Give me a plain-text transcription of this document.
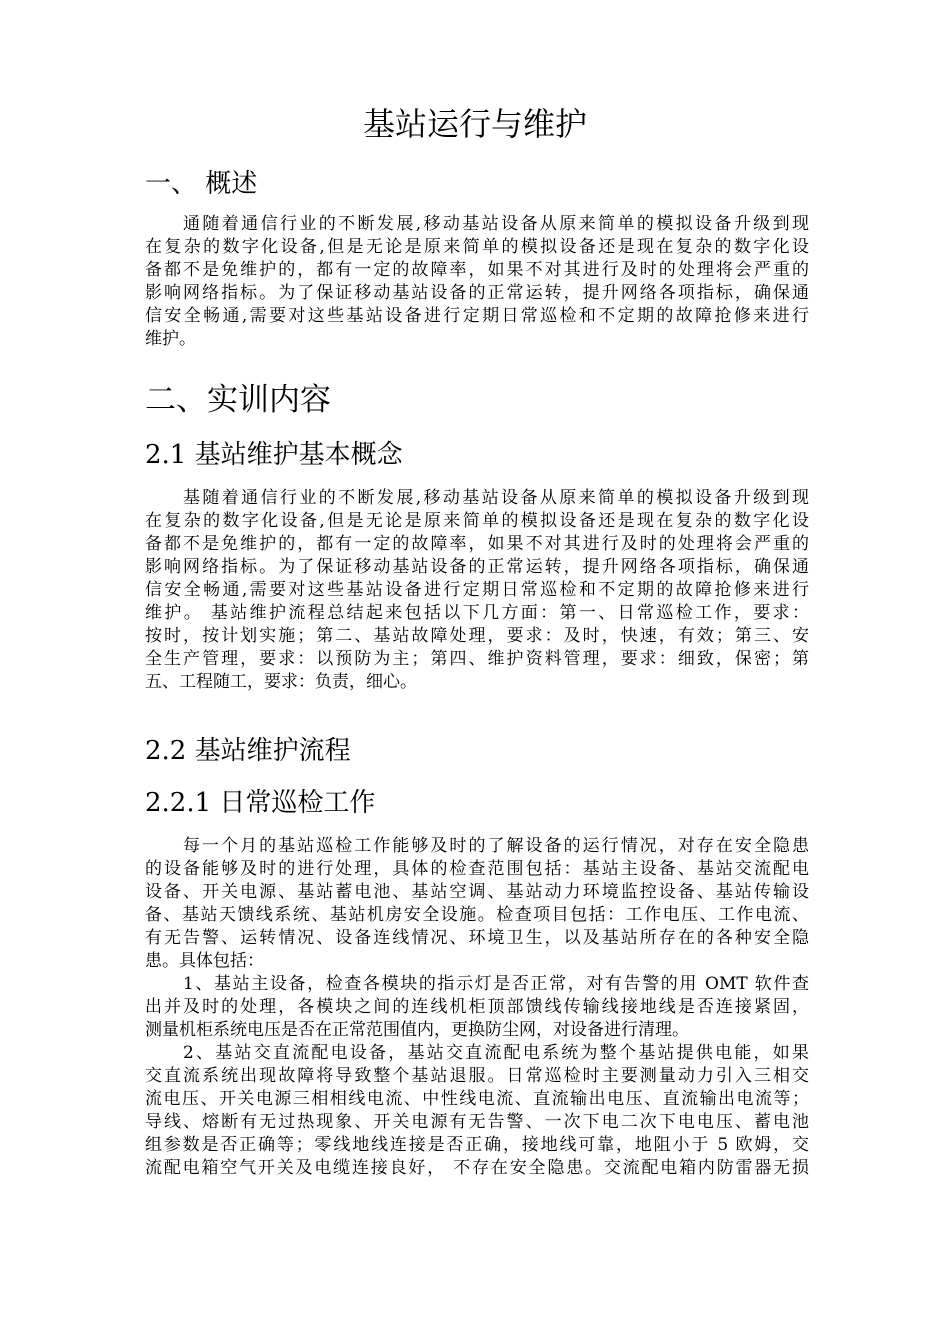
基站运行与维护
一、 概述
通随着通信行业的不断发展,移动基站设备从原来简单的模拟设备升级到现
在复杂的数字化设备,但是无论是原来简单的模拟设备还是现在复杂的数字化设
备都不是免维护的，都有一定的故障率，如果不对其进行及时的处理将会严重的
影响网络指标。为了保证移动基站设备的正常运转，提升网络各项指标，确保通
信安全畅通,需要对这些基站设备进行定期日常巡检和不定期的故障抢修来进行
维护。
二、实训内容
2.1 基站维护基本概念
基随着通信行业的不断发展,移动基站设备从原来简单的模拟设备升级到现
在复杂的数字化设备,但是无论是原来简单的模拟设备还是现在复杂的数字化设
备都不是免维护的，都有一定的故障率，如果不对其进行及时的处理将会严重的
影响网络指标。为了保证移动基站设备的正常运转，提升网络各项指标，确保通
信安全畅通,需要对这些基站设备进行定期日常巡检和不定期的故障抢修来进行
维护。 基站维护流程总结起来包括以下几方面：第一、日常巡检工作，要求：
按时，按计划实施；第二、基站故障处理，要求：及时，快速，有效；第三、安
全生产管理，要求：以预防为主；第四、维护资料管理，要求：细致，保密；第
五、工程随工，要求：负责，细心。
2.2 基站维护流程
2.2.1 日常巡检工作
每一个月的基站巡检工作能够及时的了解设备的运行情况，对存在安全隐患
的设备能够及时的进行处理，具体的检查范围包括：基站主设备、基站交流配电
设备、开关电源、基站蓄电池、基站空调、基站动力环境监控设备、基站传输设
备、基站天馈线系统、基站机房安全设施。检查项目包括：工作电压、工作电流、
有无告警、运转情况、设备连线情况、环境卫生，以及基站所存在的各种安全隐
患。具体包括：
1、基站主设备，检查各模块的指示灯是否正常，对有告警的用 OMT 软件查
出并及时的处理，各模块之间的连线机柜顶部馈线传输线接地线是否连接紧固，
测量机柜系统电压是否在正常范围值内，更换防尘网，对设备进行清理。
2、基站交直流配电设备，基站交直流配电系统为整个基站提供电能，如果
交直流系统出现故障将导致整个基站退服。日常巡检时主要测量动力引入三相交
流电压、开关电源三相相线电流、中性线电流、直流输出电压、直流输出电流等；
导线、熔断有无过热现象、开关电源有无告警、一次下电二次下电电压、蓄电池
组参数是否正确等；零线地线连接是否正确，接地线可靠，地阻小于 5 欧姆，交
流配电箱空气开关及电缆连接良好， 不存在安全隐患。交流配电箱内防雷器无损
